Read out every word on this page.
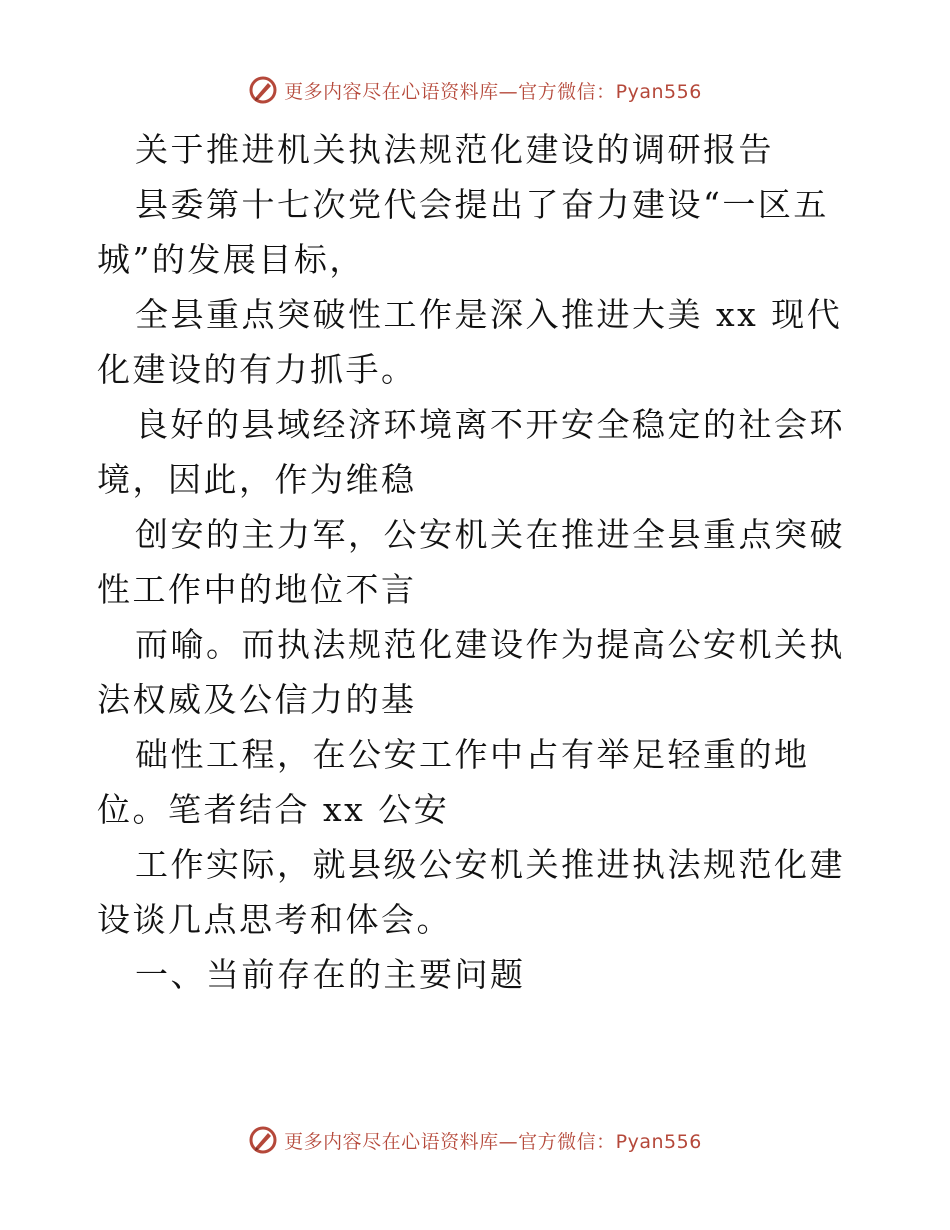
更多内容尽在心语资料库—官方微信：Pyan556

关于推进机关执法规范化建设的调研报告

县委第十七次党代会提出了奋力建设“一区五城”的发展目标，

全县重点突破性工作是深入推进大美 xx 现代化建设的有力抓手。

良好的县域经济环境离不开安全稳定的社会环境，因此，作为维稳

创安的主力军，公安机关在推进全县重点突破性工作中的地位不言

而喻。而执法规范化建设作为提高公安机关执法权威及公信力的基

础性工程，在公安工作中占有举足轻重的地位。笔者结合 xx 公安

工作实际，就县级公安机关推进执法规范化建设谈几点思考和体会。

一、当前存在的主要问题

更多内容尽在心语资料库—官方微信：Pyan556
